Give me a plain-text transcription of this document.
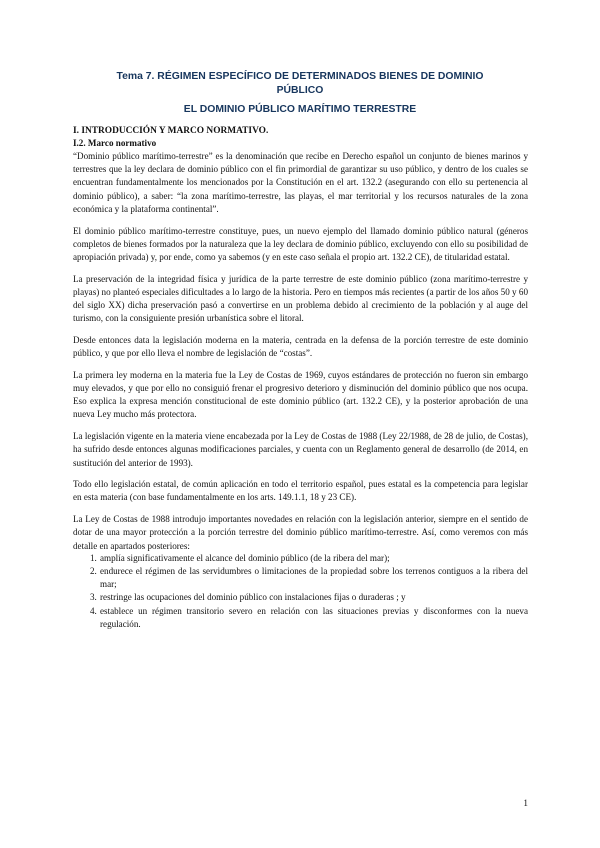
Tema 7. RÉGIMEN ESPECÍFICO DE DETERMINADOS BIENES DE DOMINIO
PÚBLICO
EL DOMINIO PÚBLICO MARÍTIMO TERRESTRE
I. INTRODUCCIÓN Y MARCO NORMATIVO.
I.2. Marco normativo

“Dominio público marítimo-terrestre” es la denominación que recibe en Derecho español un conjunto de bienes marinos y terrestres que la ley declara de dominio público con el fin primordial de garantizar su uso público, y dentro de los cuales se encuentran fundamentalmente los mencionados por la Constitución en el art. 132.2 (asegurando con ello su pertenencia al dominio público), a saber: “la zona marítimo-terrestre, las playas, el mar territorial y los recursos naturales de la zona económica y la plataforma continental”.

El dominio público marítimo-terrestre constituye, pues, un nuevo ejemplo del llamado dominio público natural (géneros completos de bienes formados por la naturaleza que la ley declara de dominio público, excluyendo con ello su posibilidad de apropiación privada) y, por ende, como ya sabemos (y en este caso señala el propio art. 132.2 CE), de titularidad estatal.

La preservación de la integridad física y jurídica de la parte terrestre de este dominio público (zona marítimo-terrestre y playas) no planteó especiales dificultades a lo largo de la historia. Pero en tiempos más recientes (a partir de los años 50 y 60 del siglo XX) dicha preservación pasó a convertirse en un problema debido al crecimiento de la población y al auge del turismo, con la consiguiente presión urbanística sobre el litoral.

Desde entonces data la legislación moderna en la materia, centrada en la defensa de la porción terrestre de este dominio público, y que por ello lleva el nombre de legislación de “costas”.

La primera ley moderna en la materia fue la Ley de Costas de 1969, cuyos estándares de protección no fueron sin embargo muy elevados, y que por ello no consiguió frenar el progresivo deterioro y disminución del dominio público que nos ocupa. Eso explica la expresa mención constitucional de este dominio público (art. 132.2 CE), y la posterior aprobación de una nueva Ley mucho más protectora.

La legislación vigente en la materia viene encabezada por la Ley de Costas de 1988 (Ley 22/1988, de 28 de julio, de Costas), ha sufrido desde entonces algunas modificaciones parciales, y cuenta con un Reglamento general de desarrollo (de 2014, en sustitución del anterior de 1993).

Todo ello legislación estatal, de común aplicación en todo el territorio español, pues estatal es la competencia para legislar en esta materia (con base fundamentalmente en los arts. 149.1.1, 18 y 23 CE).

La Ley de Costas de 1988 introdujo importantes novedades en relación con la legislación anterior, siempre en el sentido de dotar de una mayor protección a la porción terrestre del dominio público marítimo-terrestre. Así, como veremos con más detalle en apartados posteriores:

1. amplía significativamente el alcance del dominio público (de la ribera del mar);
2. endurece el régimen de las servidumbres o limitaciones de la propiedad sobre los terrenos contiguos a la ribera del mar;
3. restringe las ocupaciones del dominio público con instalaciones fijas o duraderas ; y
4. establece un régimen transitorio severo en relación con las situaciones previas y disconformes con la nueva regulación.
1
